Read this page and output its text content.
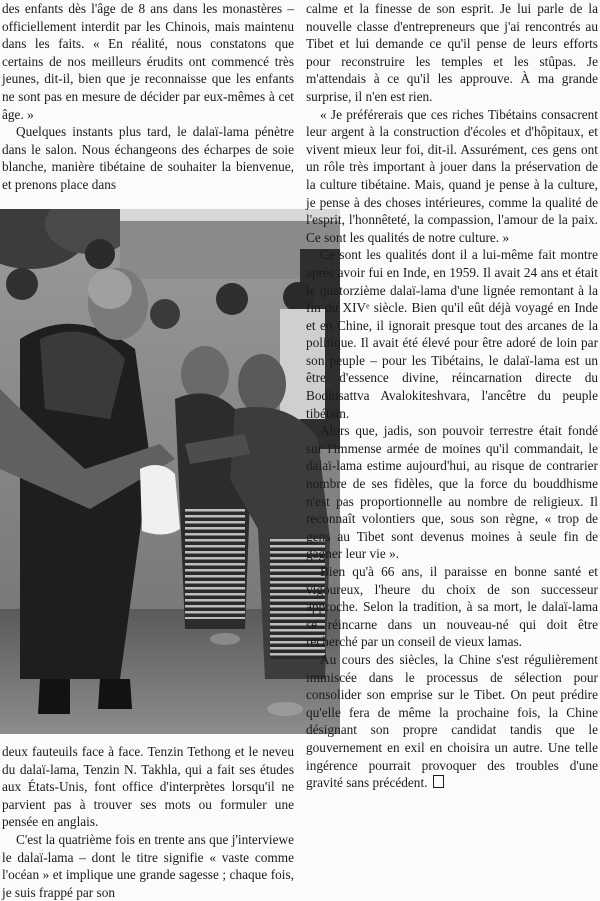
des enfants dès l'âge de 8 ans dans les monastères – officiellement interdit par les Chinois, mais maintenu dans les faits. « En réalité, nous constatons que certains de nos meilleurs érudits ont commencé très jeunes, dit-il, bien que je reconnaisse que les enfants ne sont pas en mesure de décider par eux-mêmes à cet âge. »

Quelques instants plus tard, le dalaï-lama pénètre dans le salon. Nous échangeons des écharpes de soie blanche, manière tibétaine de souhaiter la bienvenue, et prenons place dans

deux fauteuils face à face. Tenzin Tethong et le neveu du dalaï-lama, Tenzin N. Takhla, qui a fait ses études aux États-Unis, font office d'interprètes lorsqu'il ne parvient pas à trouver ses mots ou formuler une pensée en anglais.

C'est la quatrième fois en trente ans que j'interviewe le dalaï-lama – dont le titre signifie « vaste comme l'océan » et implique une grande sagesse ; chaque fois, je suis frappé par son

calme et la finesse de son esprit. Je lui parle de la nouvelle classe d'entrepreneurs que j'ai rencontrés au Tibet et lui demande ce qu'il pense de leurs efforts pour reconstruire les temples et les stûpas. Je m'attendais à ce qu'il les approuve. À ma grande surprise, il n'en est rien.

« Je préférerais que ces riches Tibétains consacrent leur argent à la construction d'écoles et d'hôpitaux, et vivent mieux leur foi, dit-il. Assurément, ces gens ont un rôle très important à jouer dans la préservation de la culture tibétaine. Mais, quand je pense à la culture, je pense à des choses intérieures, comme la qualité de l'esprit, l'honnêteté, la compassion, l'amour de la paix. Ce sont les qualités de notre culture. »

Ce sont les qualités dont il a lui-même fait montre après avoir fui en Inde, en 1959. Il avait 24 ans et était le quatorzième dalaï-lama d'une lignée remontant à la fin du XIVᵉ siècle. Bien qu'il eût déjà voyagé en Inde et en Chine, il ignorait presque tout des arcanes de la politique. Il avait été élevé pour être adoré de loin par son peuple – pour les Tibétains, le dalaï-lama est un être d'essence divine, réincarnation directe du Bodhisattva Avalokiteshvara, l'ancêtre du peuple tibétain.

Alors que, jadis, son pouvoir terrestre était fondé sur l'immense armée de moines qu'il commandait, le dalaï-lama estime aujourd'hui, au risque de contrarier nombre de ses fidèles, que la force du bouddhisme n'est pas proportionnelle au nombre de religieux. Il reconnaît volontiers que, sous son règne, « trop de gens au Tibet sont devenus moines à seule fin de gagner leur vie ».

Bien qu'à 66 ans, il paraisse en bonne santé et vigoureux, l'heure du choix de son successeur approche. Selon la tradition, à sa mort, le dalaï-lama se réincarne dans un nouveau-né qui doit être recherché par un conseil de vieux lamas.

Au cours des siècles, la Chine s'est régulièrement immiscée dans le processus de sélection pour consolider son emprise sur le Tibet. On peut prédire qu'elle fera de même la prochaine fois, la Chine désignant son propre candidat tandis que le gouvernement en exil en choisira un autre. Une telle ingérence pourrait provoquer des troubles d'une gravité sans précédent.
